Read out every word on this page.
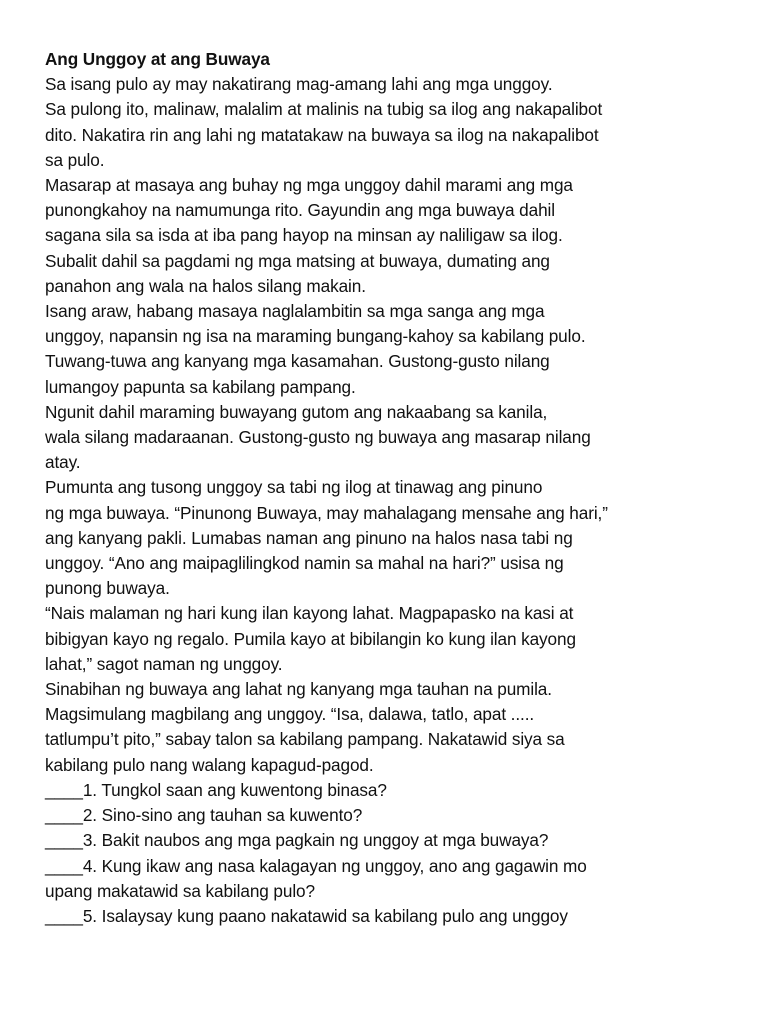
Ang Unggoy at ang Buwaya
Sa isang pulo ay may nakatirang mag-amang lahi ang mga unggoy.
Sa pulong ito, malinaw, malalim at malinis na tubig sa ilog ang nakapalibot
dito. Nakatira rin ang lahi ng matatakaw na buwaya sa ilog na nakapalibot
sa pulo.
Masarap at masaya ang buhay ng mga unggoy dahil marami ang mga
punongkahoy na namumunga rito. Gayundin ang mga buwaya dahil
sagana sila sa isda at iba pang hayop na minsan ay naliligaw sa ilog.
Subalit dahil sa pagdami ng mga matsing at buwaya, dumating ang
panahon ang wala na halos silang makain.
Isang araw, habang masaya naglalambitin sa mga sanga ang mga
unggoy, napansin ng isa na maraming bungang-kahoy sa kabilang pulo.
Tuwang-tuwa ang kanyang mga kasamahan. Gustong-gusto nilang
lumangoy papunta sa kabilang pampang.
Ngunit dahil maraming buwayang gutom ang nakaabang sa kanila,
wala silang madaraanan. Gustong-gusto ng buwaya ang masarap nilang
atay.
Pumunta ang tusong unggoy sa tabi ng ilog at tinawag ang pinuno
ng mga buwaya. “Pinunong Buwaya, may mahalagang mensahe ang hari,”
ang kanyang pakli. Lumabas naman ang pinuno na halos nasa tabi ng
unggoy. “Ano ang maipaglilingkod namin sa mahal na hari?” usisa ng
punong buwaya.
“Nais malaman ng hari kung ilan kayong lahat. Magpapasko na kasi at
bibigyan kayo ng regalo. Pumila kayo at bibilangin ko kung ilan kayong
lahat,” sagot naman ng unggoy.
Sinabihan ng buwaya ang lahat ng kanyang mga tauhan na pumila.
Magsimulang magbilang ang unggoy. “Isa, dalawa, tatlo, apat .....
tatlumpu’t pito,” sabay talon sa kabilang pampang. Nakatawid siya sa
kabilang pulo nang walang kapagud-pagod.
____1. Tungkol saan ang kuwentong binasa?
____2. Sino-sino ang tauhan sa kuwento?
____3. Bakit naubos ang mga pagkain ng unggoy at mga buwaya?
____4. Kung ikaw ang nasa kalagayan ng unggoy, ano ang gagawin mo
upang makatawid sa kabilang pulo?
____5. Isalaysay kung paano nakatawid sa kabilang pulo ang unggoy
